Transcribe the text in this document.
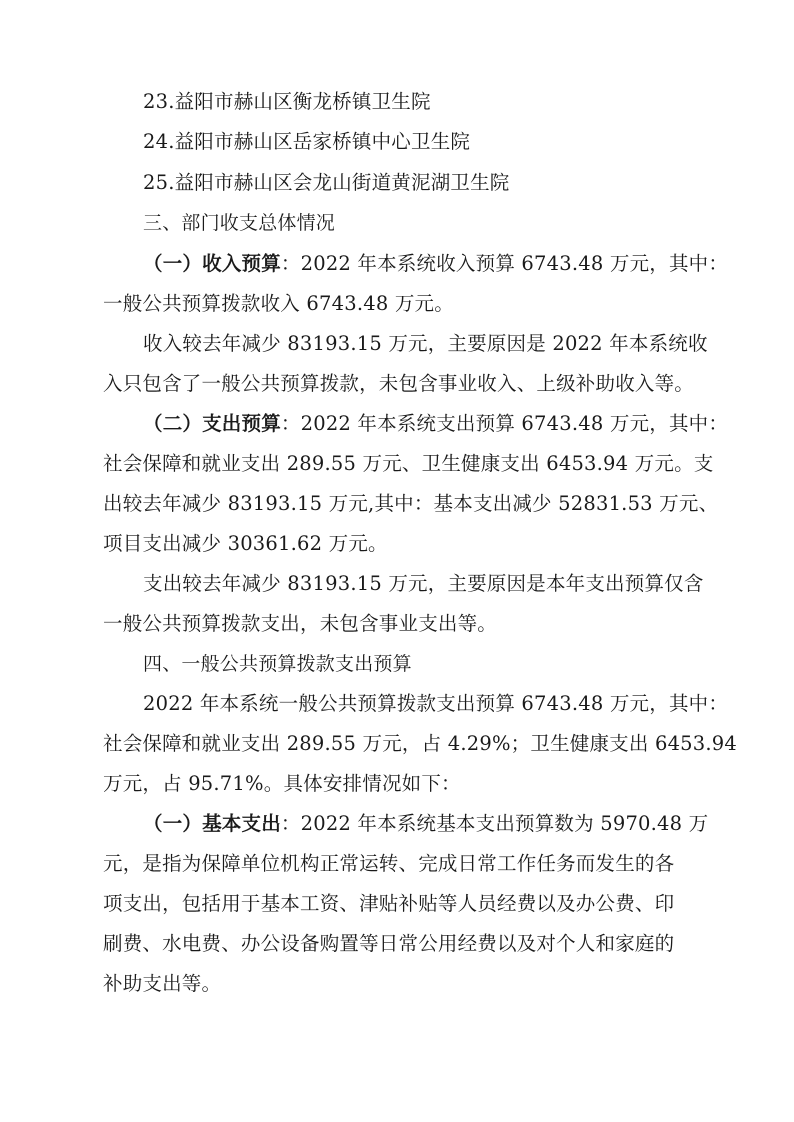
23.益阳市赫山区衡龙桥镇卫生院
24.益阳市赫山区岳家桥镇中心卫生院
25.益阳市赫山区会龙山街道黄泥湖卫生院
三、部门收支总体情况
（一）收入预算：2022 年本系统收入预算 6743.48 万元，其中：
一般公共预算拨款收入 6743.48 万元。
收入较去年减少 83193.15 万元，主要原因是 2022 年本系统收
入只包含了一般公共预算拨款，未包含事业收入、上级补助收入等。
（二）支出预算：2022 年本系统支出预算 6743.48 万元，其中：
社会保障和就业支出 289.55 万元、卫生健康支出 6453.94 万元。支
出较去年减少 83193.15 万元,其中：基本支出减少 52831.53 万元、
项目支出减少 30361.62 万元。
支出较去年减少 83193.15 万元，主要原因是本年支出预算仅含
一般公共预算拨款支出，未包含事业支出等。
四、一般公共预算拨款支出预算
2022 年本系统一般公共预算拨款支出预算 6743.48 万元，其中：
社会保障和就业支出 289.55 万元，占 4.29%；卫生健康支出 6453.94
万元，占 95.71%。具体安排情况如下：
（一）基本支出：2022 年本系统基本支出预算数为 5970.48 万
元，是指为保障单位机构正常运转、完成日常工作任务而发生的各
项支出，包括用于基本工资、津贴补贴等人员经费以及办公费、印
刷费、水电费、办公设备购置等日常公用经费以及对个人和家庭的
补助支出等。
